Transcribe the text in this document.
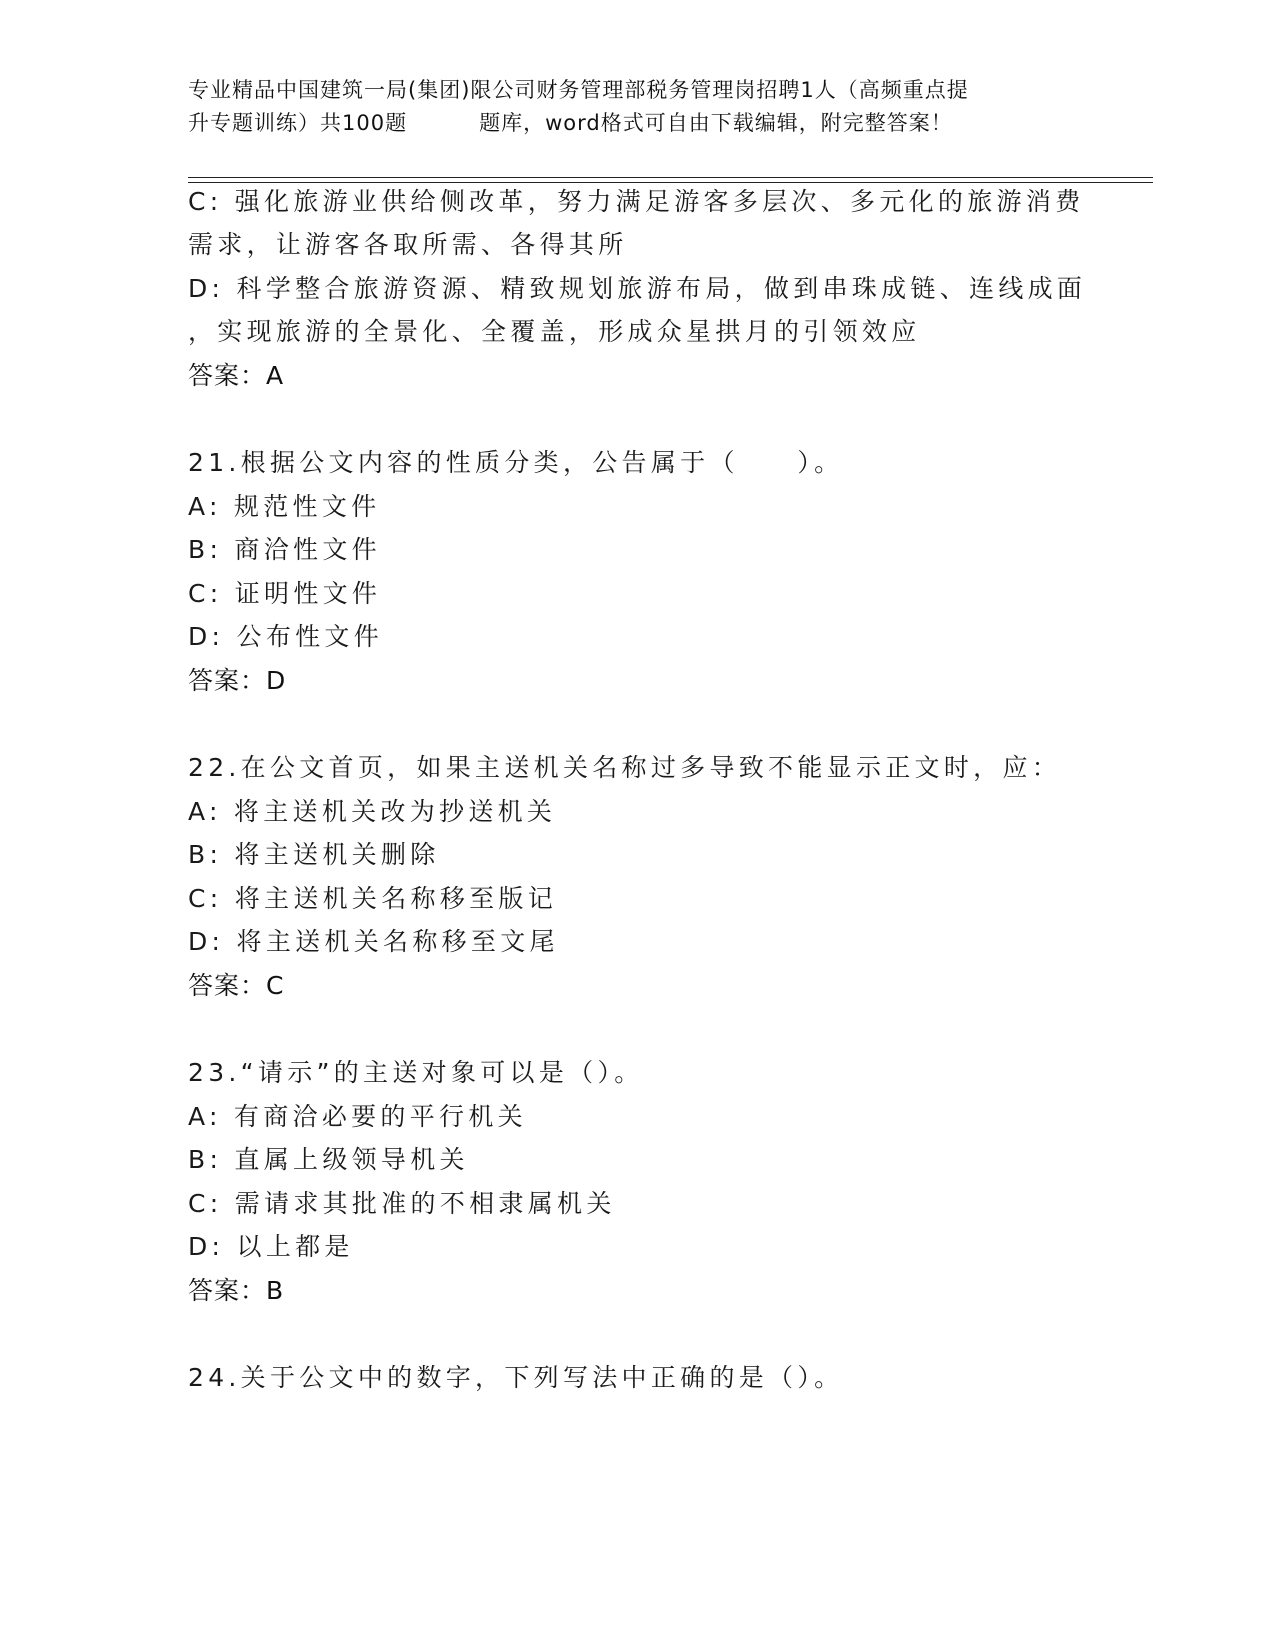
专业精品中国建筑一局(集团)限公司财务管理部税务管理岗招聘1人（高频重点提
升专题训练）共100题	题库，word格式可自由下载编辑，附完整答案！
C: 强化旅游业供给侧改革，努力满足游客多层次、多元化的旅游消费
需求，让游客各取所需、各得其所
D: 科学整合旅游资源、精致规划旅游布局，做到串珠成链、连线成面
，实现旅游的全景化、全覆盖，形成众星拱月的引领效应
答案：A
21.根据公文内容的性质分类，公告属于（　　）。
A: 规范性文件
B: 商洽性文件
C: 证明性文件
D: 公布性文件
答案：D
22.在公文首页，如果主送机关名称过多导致不能显示正文时，应：
A: 将主送机关改为抄送机关
B: 将主送机关删除
C: 将主送机关名称移至版记
D: 将主送机关名称移至文尾
答案：C
23.“请示”的主送对象可以是（）。
A: 有商洽必要的平行机关
B: 直属上级领导机关
C: 需请求其批准的不相隶属机关
D: 以上都是
答案：B
24.关于公文中的数字，下列写法中正确的是（）。
